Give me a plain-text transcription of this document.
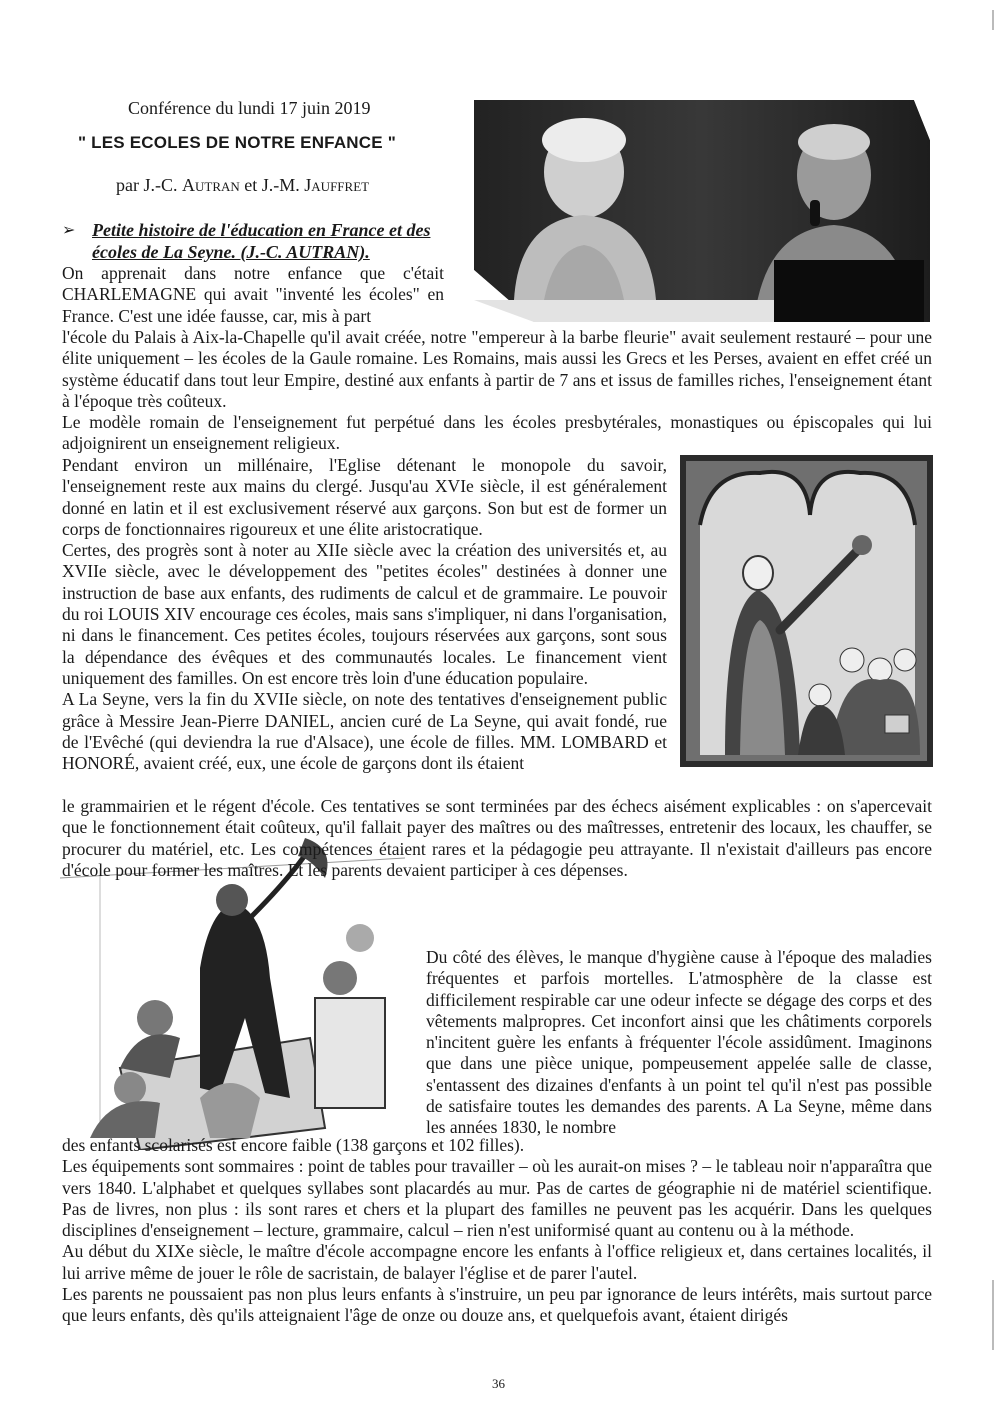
Conférence du lundi 17 juin 2019
" LES ECOLES DE NOTRE ENFANCE "
par J.-C. Autran et J.-M. Jauffret
➢ Petite histoire de l'éducation en France et des écoles de La Seyne. (J.-C. AUTRAN).
On apprenait dans notre enfance que c'était CHARLEMAGNE qui avait "inventé les écoles" en France. C'est une idée fausse, car, mis à part

l'école du Palais à Aix-la-Chapelle qu'il avait créée, notre "empereur à la barbe fleurie" avait seulement restauré – pour une élite uniquement – les écoles de la Gaule romaine. Les Romains, mais aussi les Grecs et les Perses, avaient en effet créé un système éducatif dans tout leur Empire, destiné aux enfants à partir de 7 ans et issus de familles riches, l'enseignement étant à l'époque très coûteux.

Le modèle romain de l'enseignement fut perpétué dans les écoles presbytérales, monastiques ou épiscopales qui lui adjoignirent un enseignement religieux.

Pendant environ un millénaire, l'Eglise détenant le monopole du savoir, l'enseignement reste aux mains du clergé. Jusqu'au XVIe siècle, il est généralement donné en latin et il est exclusivement réservé aux garçons. Son but est de former un corps de fonctionnaires rigoureux et une élite aristocratique.

Certes, des progrès sont à noter au XIIe siècle avec la création des universités et, au XVIIe siècle, avec le développement des "petites écoles" destinées à donner une instruction de base aux enfants, des rudiments de calcul et de grammaire. Le pouvoir du roi LOUIS XIV encourage ces écoles, mais sans s'impliquer, ni dans l'organisation, ni dans le financement. Ces petites écoles, toujours réservées aux garçons, sont sous la dépendance des évêques et des communautés locales. Le financement vient uniquement des familles. On est encore très loin d'une éducation populaire.

A La Seyne, vers la fin du XVIIe siècle, on note des tentatives d'enseignement public grâce à Messire Jean-Pierre DANIEL, ancien curé de La Seyne, qui avait fondé, rue de l'Evêché (qui deviendra la rue d'Alsace), une école de filles. MM. LOMBARD et HONORÉ, avaient créé, eux, une école de garçons dont ils étaient

le grammairien et le régent d'école. Ces tentatives se sont terminées par des échecs aisément explicables : on s'apercevait que le fonctionnement était coûteux, qu'il fallait payer des maîtres ou des maîtresses, entretenir des locaux, les chauffer, se procurer du matériel, etc. Les compétences étaient rares et la pédagogie peu attrayante. Il n'existait d'ailleurs pas encore d'école pour former les maîtres. Et les parents devaient participer à ces dépenses.
Du côté des élèves, le manque d'hygiène cause à l'époque des maladies fréquentes et parfois mortelles. L'atmosphère de la classe est difficilement respirable car une odeur infecte se dégage des corps et des vêtements malpropres. Cet inconfort ainsi que les châtiments corporels n'incitent guère les enfants à fréquenter l'école assidûment. Imaginons que dans une pièce unique, pompeusement appelée salle de classe, s'entassent des dizaines d'enfants à un point tel qu'il n'est pas possible de satisfaire toutes les demandes des parents. A La Seyne, même dans les années 1830, le nombre

des enfants scolarisés est encore faible (138 garçons et 102 filles).

Les équipements sont sommaires : point de tables pour travailler – où les aurait-on mises ? – le tableau noir n'apparaîtra que vers 1840. L'alphabet et quelques syllabes sont placardés au mur. Pas de cartes de géographie ni de matériel scientifique. Pas de livres, non plus : ils sont rares et chers et la plupart des familles ne peuvent pas les acquérir. Dans les quelques disciplines d'enseignement – lecture, grammaire, calcul – rien n'est uniformisé quant au contenu ou à la méthode.

Au début du XIXe siècle, le maître d'école accompagne encore les enfants à l'office religieux et, dans certaines localités, il lui arrive même de jouer le rôle de sacristain, de balayer l'église et de parer l'autel.

Les parents ne poussaient pas non plus leurs enfants à s'instruire, un peu par ignorance de leurs intérêts, mais surtout parce que leurs enfants, dès qu'ils atteignaient l'âge de onze ou douze ans, et quelquefois avant, étaient dirigés

36
